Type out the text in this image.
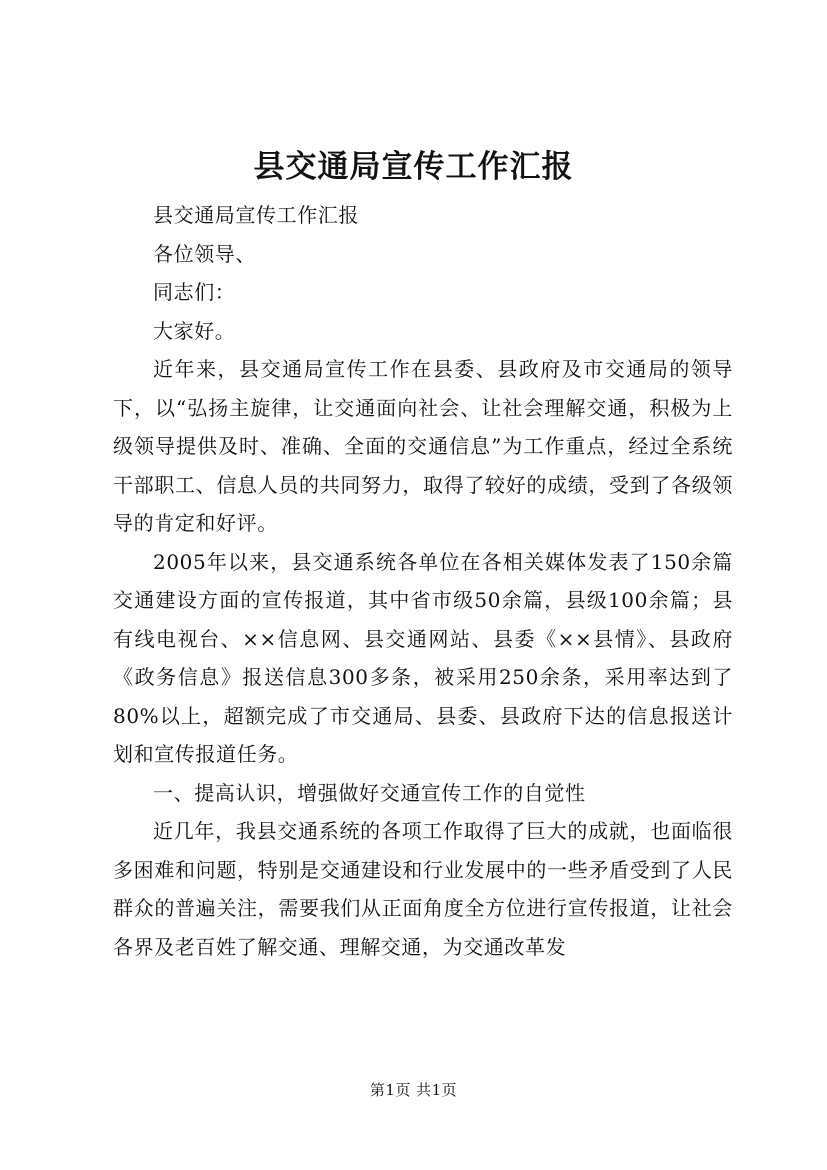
县交通局宣传工作汇报

县交通局宣传工作汇报

各位领导、

同志们：

大家好。

近年来，县交通局宣传工作在县委、县政府及市交通局的领导下，以“弘扬主旋律，让交通面向社会、让社会理解交通，积极为上级领导提供及时、准确、全面的交通信息”为工作重点，经过全系统干部职工、信息人员的共同努力，取得了较好的成绩，受到了各级领导的肯定和好评。

2005年以来，县交通系统各单位在各相关媒体发表了150余篇交通建设方面的宣传报道，其中省市级50余篇，县级100余篇；县有线电视台、××信息网、县交通网站、县委《××县情》、县政府《政务信息》报送信息300多条，被采用250余条，采用率达到了80%以上，超额完成了市交通局、县委、县政府下达的信息报送计划和宣传报道任务。

一、提高认识，增强做好交通宣传工作的自觉性

近几年，我县交通系统的各项工作取得了巨大的成就，也面临很多困难和问题，特别是交通建设和行业发展中的一些矛盾受到了人民群众的普遍关注，需要我们从正面角度全方位进行宣传报道，让社会各界及老百姓了解交通、理解交通，为交通改革发

第1页 共1页
